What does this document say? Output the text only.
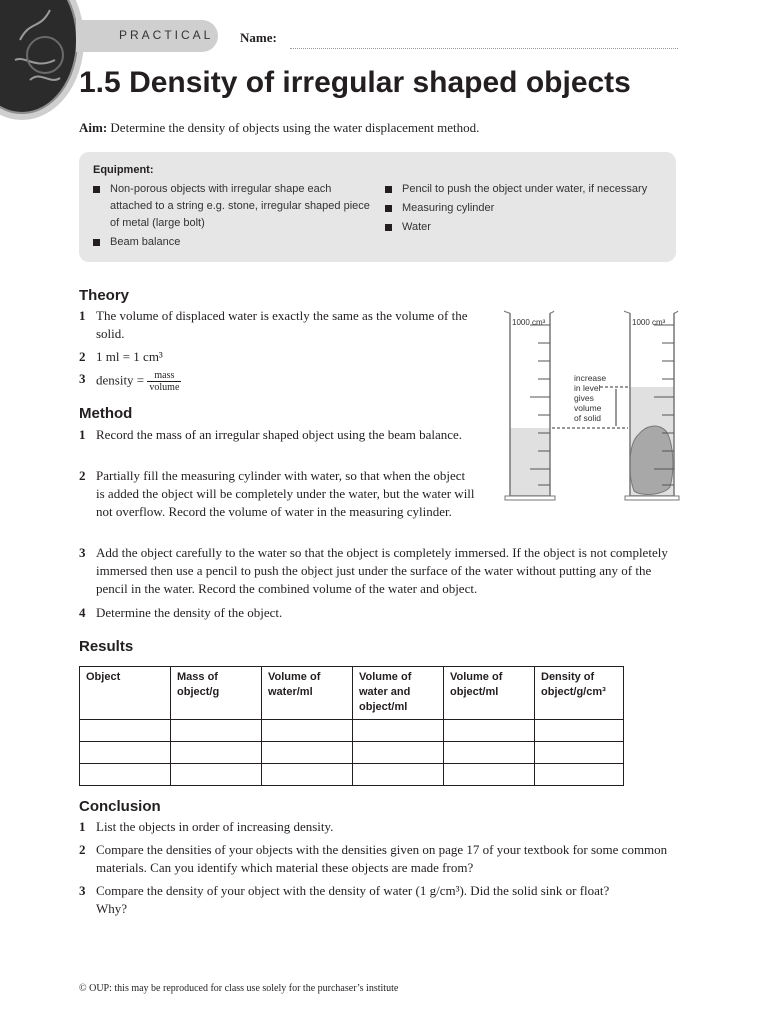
PRACTICAL Name:
1.5 Density of irregular shaped objects
Aim: Determine the density of objects using the water displacement method.
Equipment:
Non-porous objects with irregular shape each attached to a string e.g. stone, irregular shaped piece of metal (large bolt)
Beam balance
Pencil to push the object under water, if necessary
Measuring cylinder
Water
Theory
1 The volume of displaced water is exactly the same as the volume of the solid.
2 1 ml = 1 cm³
3 density = $\frac{\text{mass}}{\text{volume}}$
1000 cm³	1000 cm³
increase
in level
gives
volume
of solid
Method
1 Record the mass of an irregular shaped object using the beam balance.
2 Partially fill the measuring cylinder with water, so that when the object is added the object will be completely under the water, but the water will not overflow. Record the volume of water in the measuring cylinder.
3 Add the object carefully to the water so that the object is completely immersed. If the object is not completely immersed then use a pencil to push the object just under the surface of the water without putting any of the pencil in the water. Record the combined volume of the water and object.
4 Determine the density of the object.
Results
Object	Mass of object/g	Volume of water/ml	Volume of water and object/ml	Volume of object/ml	Density of object/g/cm³

Conclusion
1 List the objects in order of increasing density.
2 Compare the densities of your objects with the densities given on page 17 of your textbook for some common materials. Can you identify which material these objects are made from?
3 Compare the density of your object with the density of water (1 g/cm³). Did the solid sink or float? Why?
© OUP: this may be reproduced for class use solely for the purchaser’s institute
